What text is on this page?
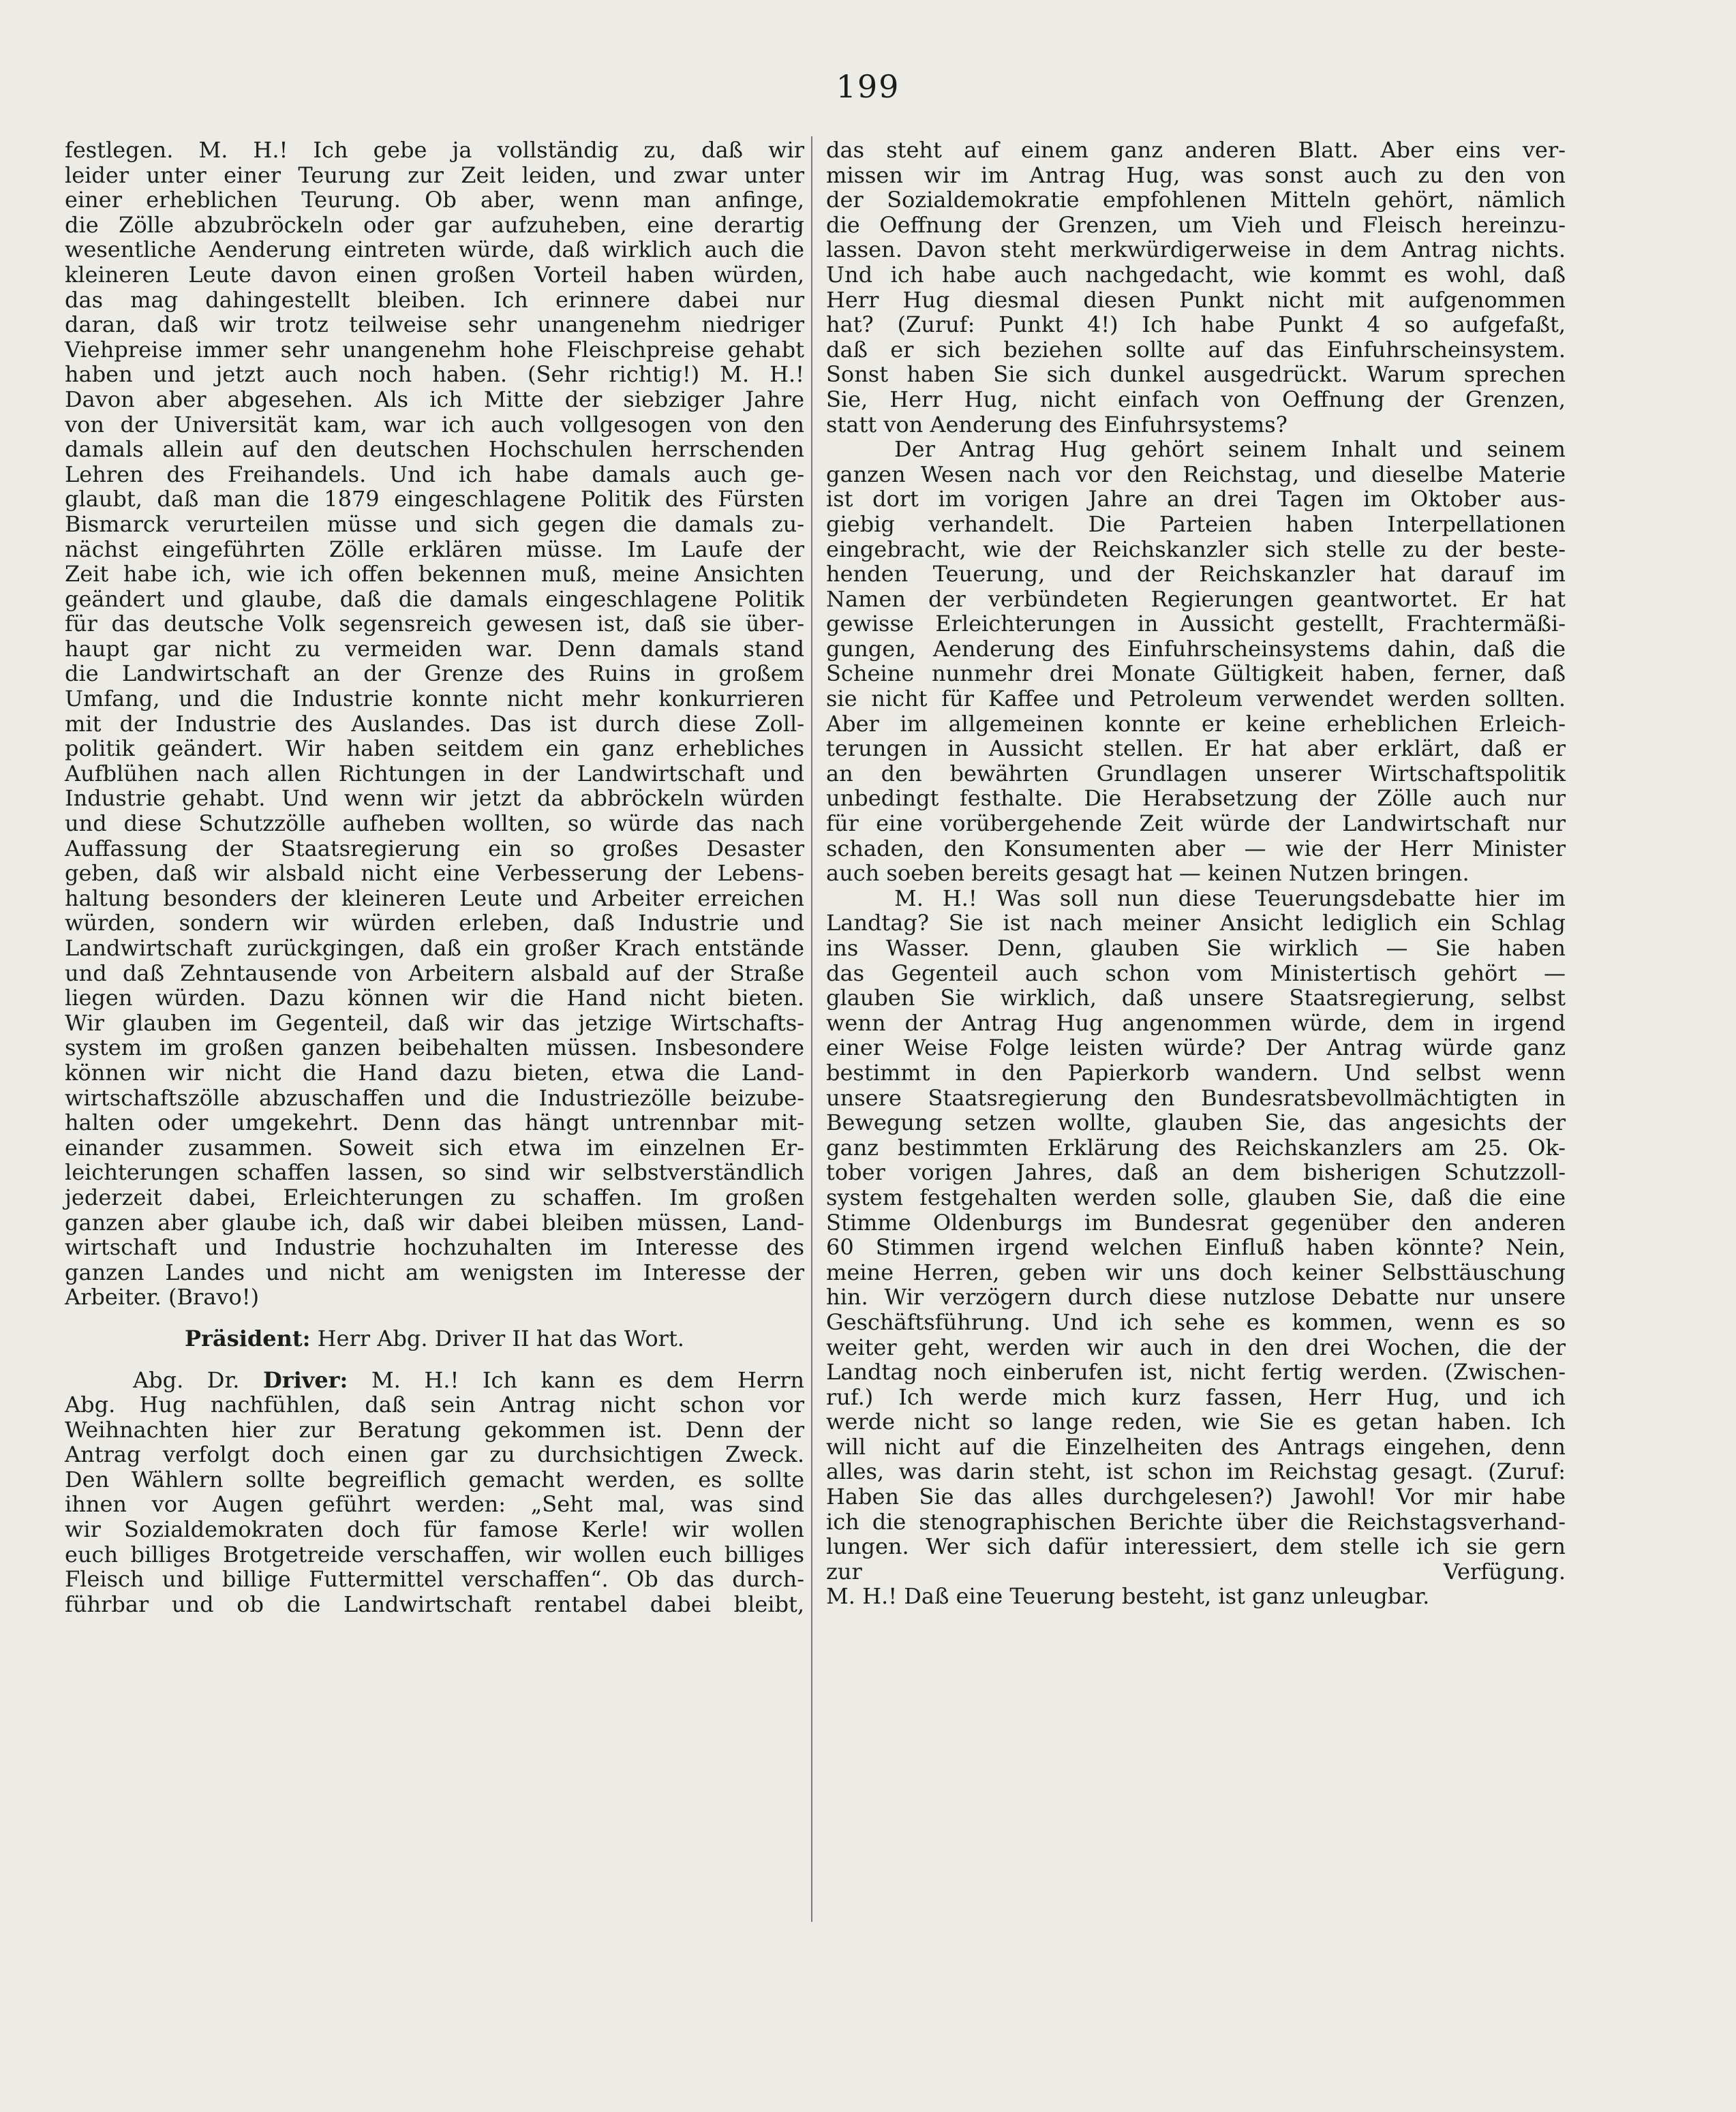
199
festlegen. M. H.! Ich gebe ja vollständig zu, daß wir
leider unter einer Teurung zur Zeit leiden, und zwar unter
einer erheblichen Teurung. Ob aber, wenn man anfinge,
die Zölle abzubröckeln oder gar aufzuheben, eine derartig
wesentliche Aenderung eintreten würde, daß wirklich auch die
kleineren Leute davon einen großen Vorteil haben würden,
das mag dahingestellt bleiben. Ich erinnere dabei nur
daran, daß wir trotz teilweise sehr unangenehm niedriger
Viehpreise immer sehr unangenehm hohe Fleischpreise gehabt
haben und jetzt auch noch haben. (Sehr richtig!) M. H.!
Davon aber abgesehen. Als ich Mitte der siebziger Jahre
von der Universität kam, war ich auch vollgesogen von den
damals allein auf den deutschen Hochschulen herrschenden
Lehren des Freihandels. Und ich habe damals auch ge-
glaubt, daß man die 1879 eingeschlagene Politik des Fürsten
Bismarck verurteilen müsse und sich gegen die damals zu-
nächst eingeführten Zölle erklären müsse. Im Laufe der
Zeit habe ich, wie ich offen bekennen muß, meine Ansichten
geändert und glaube, daß die damals eingeschlagene Politik
für das deutsche Volk segensreich gewesen ist, daß sie über-
haupt gar nicht zu vermeiden war. Denn damals stand
die Landwirtschaft an der Grenze des Ruins in großem
Umfang, und die Industrie konnte nicht mehr konkurrieren
mit der Industrie des Auslandes. Das ist durch diese Zoll-
politik geändert. Wir haben seitdem ein ganz erhebliches
Aufblühen nach allen Richtungen in der Landwirtschaft und
Industrie gehabt. Und wenn wir jetzt da abbröckeln würden
und diese Schutzzölle aufheben wollten, so würde das nach
Auffassung der Staatsregierung ein so großes Desaster
geben, daß wir alsbald nicht eine Verbesserung der Lebens-
haltung besonders der kleineren Leute und Arbeiter erreichen
würden, sondern wir würden erleben, daß Industrie und
Landwirtschaft zurückgingen, daß ein großer Krach entstände
und daß Zehntausende von Arbeitern alsbald auf der Straße
liegen würden. Dazu können wir die Hand nicht bieten.
Wir glauben im Gegenteil, daß wir das jetzige Wirtschafts-
system im großen ganzen beibehalten müssen. Insbesondere
können wir nicht die Hand dazu bieten, etwa die Land-
wirtschaftszölle abzuschaffen und die Industriezölle beizube-
halten oder umgekehrt. Denn das hängt untrennbar mit-
einander zusammen. Soweit sich etwa im einzelnen Er-
leichterungen schaffen lassen, so sind wir selbstverständlich
jederzeit dabei, Erleichterungen zu schaffen. Im großen
ganzen aber glaube ich, daß wir dabei bleiben müssen, Land-
wirtschaft und Industrie hochzuhalten im Interesse des
ganzen Landes und nicht am wenigsten im Interesse der
Arbeiter. (Bravo!)
Präsident: Herr Abg. Driver II hat das Wort.
Abg. Dr. Driver: M. H.! Ich kann es dem Herrn
Abg. Hug nachfühlen, daß sein Antrag nicht schon vor
Weihnachten hier zur Beratung gekommen ist. Denn der
Antrag verfolgt doch einen gar zu durchsichtigen Zweck.
Den Wählern sollte begreiflich gemacht werden, es sollte
ihnen vor Augen geführt werden: „Seht mal, was sind
wir Sozialdemokraten doch für famose Kerle! wir wollen
euch billiges Brotgetreide verschaffen, wir wollen euch billiges
Fleisch und billige Futtermittel verschaffen“. Ob das durch-
führbar und ob die Landwirtschaft rentabel dabei bleibt,
das steht auf einem ganz anderen Blatt. Aber eins ver-
missen wir im Antrag Hug, was sonst auch zu den von
der Sozialdemokratie empfohlenen Mitteln gehört, nämlich
die Oeffnung der Grenzen, um Vieh und Fleisch hereinzu-
lassen. Davon steht merkwürdigerweise in dem Antrag nichts.
Und ich habe auch nachgedacht, wie kommt es wohl, daß
Herr Hug diesmal diesen Punkt nicht mit aufgenommen
hat? (Zuruf: Punkt 4!) Ich habe Punkt 4 so aufgefaßt,
daß er sich beziehen sollte auf das Einfuhrscheinsystem.
Sonst haben Sie sich dunkel ausgedrückt. Warum sprechen
Sie, Herr Hug, nicht einfach von Oeffnung der Grenzen,
statt von Aenderung des Einfuhrsystems?
Der Antrag Hug gehört seinem Inhalt und seinem
ganzen Wesen nach vor den Reichstag, und dieselbe Materie
ist dort im vorigen Jahre an drei Tagen im Oktober aus-
giebig verhandelt. Die Parteien haben Interpellationen
eingebracht, wie der Reichskanzler sich stelle zu der beste-
henden Teuerung, und der Reichskanzler hat darauf im
Namen der verbündeten Regierungen geantwortet. Er hat
gewisse Erleichterungen in Aussicht gestellt, Frachtermäßi-
gungen, Aenderung des Einfuhrscheinsystems dahin, daß die
Scheine nunmehr drei Monate Gültigkeit haben, ferner, daß
sie nicht für Kaffee und Petroleum verwendet werden sollten.
Aber im allgemeinen konnte er keine erheblichen Erleich-
terungen in Aussicht stellen. Er hat aber erklärt, daß er
an den bewährten Grundlagen unserer Wirtschaftspolitik
unbedingt festhalte. Die Herabsetzung der Zölle auch nur
für eine vorübergehende Zeit würde der Landwirtschaft nur
schaden, den Konsumenten aber — wie der Herr Minister
auch soeben bereits gesagt hat — keinen Nutzen bringen.
M. H.! Was soll nun diese Teuerungsdebatte hier im
Landtag? Sie ist nach meiner Ansicht lediglich ein Schlag
ins Wasser. Denn, glauben Sie wirklich — Sie haben
das Gegenteil auch schon vom Ministertisch gehört —
glauben Sie wirklich, daß unsere Staatsregierung, selbst
wenn der Antrag Hug angenommen würde, dem in irgend
einer Weise Folge leisten würde? Der Antrag würde ganz
bestimmt in den Papierkorb wandern. Und selbst wenn
unsere Staatsregierung den Bundesratsbevollmächtigten in
Bewegung setzen wollte, glauben Sie, das angesichts der
ganz bestimmten Erklärung des Reichskanzlers am 25. Ok-
tober vorigen Jahres, daß an dem bisherigen Schutzzoll-
system festgehalten werden solle, glauben Sie, daß die eine
Stimme Oldenburgs im Bundesrat gegenüber den anderen
60 Stimmen irgend welchen Einfluß haben könnte? Nein,
meine Herren, geben wir uns doch keiner Selbsttäuschung
hin. Wir verzögern durch diese nutzlose Debatte nur unsere
Geschäftsführung. Und ich sehe es kommen, wenn es so
weiter geht, werden wir auch in den drei Wochen, die der
Landtag noch einberufen ist, nicht fertig werden. (Zwischen-
ruf.) Ich werde mich kurz fassen, Herr Hug, und ich
werde nicht so lange reden, wie Sie es getan haben. Ich
will nicht auf die Einzelheiten des Antrags eingehen, denn
alles, was darin steht, ist schon im Reichstag gesagt. (Zuruf:
Haben Sie das alles durchgelesen?) Jawohl! Vor mir habe
ich die stenographischen Berichte über die Reichstagsverhand-
lungen. Wer sich dafür interessiert, dem stelle ich sie gern
zur Verfügung.
M. H.! Daß eine Teuerung besteht, ist ganz unleugbar.
